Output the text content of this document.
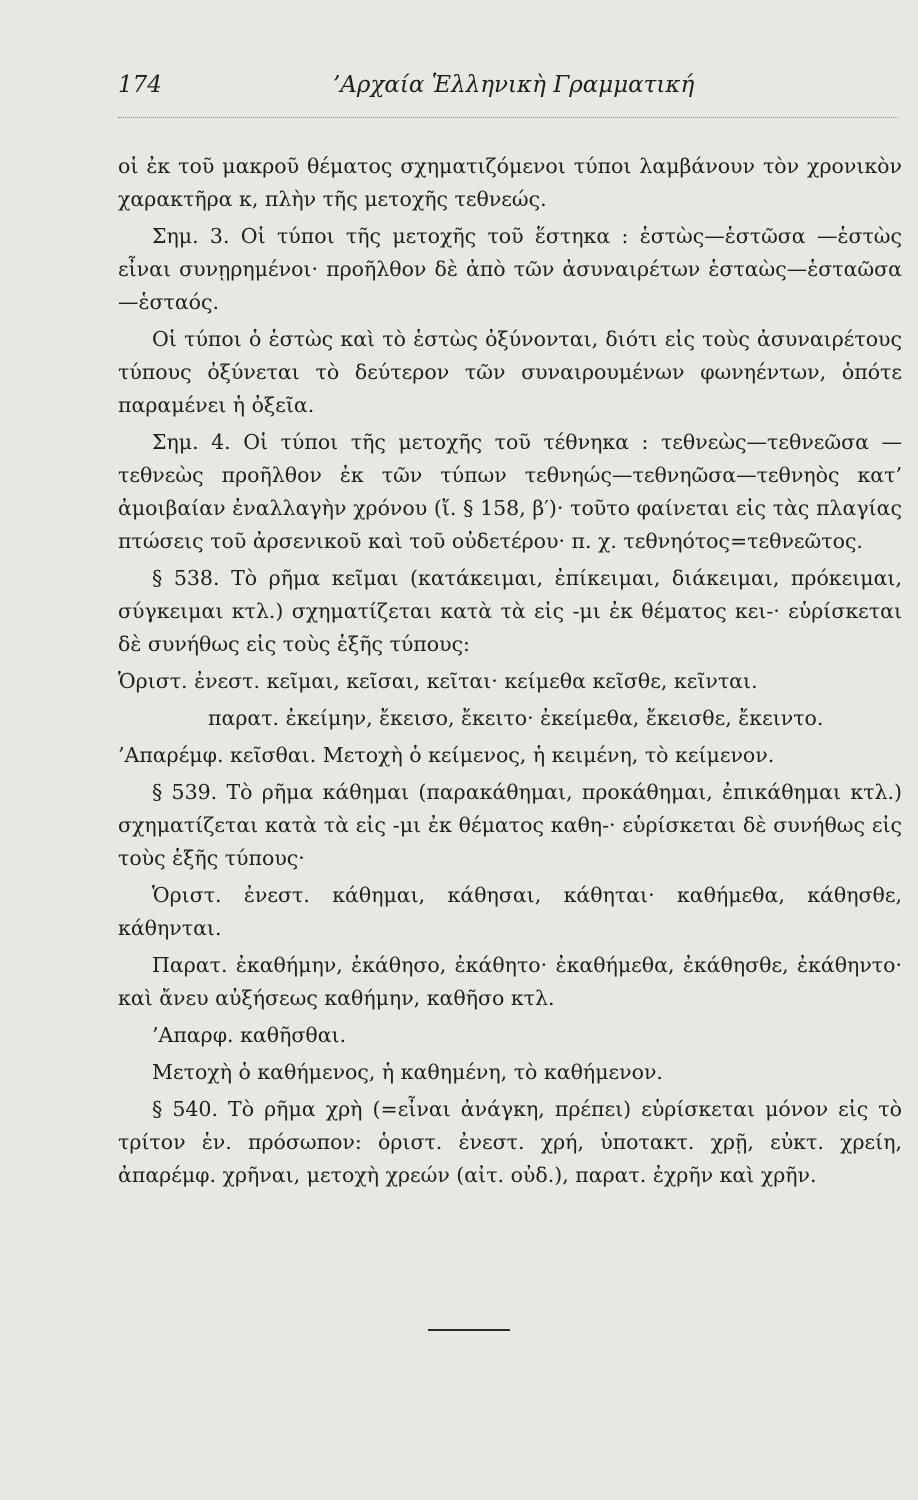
174	’Αρχαία Ἑλληνικὴ Γραμματική

οἱ ἐκ τοῦ μακροῦ θέματος σχηματιζόμενοι τύποι λαμβάνουν τὸν χρονικὸν χαρακτῆρα κ, πλὴν τῆς μετοχῆς τεθνεώς.

Σημ. 3. Οἱ τύποι τῆς μετοχῆς τοῦ ἕστηκα : ἑστὼς—ἑστῶσα —ἑστὼς εἶναι συνῃρημένοι· προῆλθον δὲ ἀπὸ τῶν ἀσυναιρέτων ἑσταὼς—ἑσταῶσα—ἑσταός.

Οἱ τύποι ὁ ἑστὼς καὶ τὸ ἑστὼς ὀξύνονται, διότι εἰς τοὺς ἀσυναιρέτους τύπους ὀξύνεται τὸ δεύτερον τῶν συναιρουμένων φωνηέντων, ὁπότε παραμένει ἡ ὀξεῖα.

Σημ. 4. Οἱ τύποι τῆς μετοχῆς τοῦ τέθνηκα : τεθνεὼς—τεθνεῶσα —τεθνεὼς προῆλθον ἐκ τῶν τύπων τεθνηώς—τεθνηῶσα—τεθνηὸς κατ’ ἀμοιβαίαν ἐναλλαγὴν χρόνου (ἴ. § 158, β′)· τοῦτο φαίνεται εἰς τὰς πλαγίας πτώσεις τοῦ ἀρσενικοῦ καὶ τοῦ οὐδετέρου· π. χ. τεθνηότος=τεθνεῶτος.

§ 538. Τὸ ρῆμα κεῖμαι (κατάκειμαι, ἐπίκειμαι, διάκειμαι, πρόκειμαι, σύγκειμαι κτλ.) σχηματίζεται κατὰ τὰ εἰς -μι ἐκ θέματος κει-· εὑρίσκεται δὲ συνήθως εἰς τοὺς ἑξῆς τύπους:

Ὁριστ. ἐνεστ. κεῖμαι, κεῖσαι, κεῖται· κείμεθα κεῖσθε, κεῖνται.

παρατ. ἐκείμην, ἔκεισο, ἔκειτο· ἐκείμεθα, ἔκεισθε, ἔκειντο.

’Απαρέμφ. κεῖσθαι. Μετοχὴ ὁ κείμενος, ἡ κειμένη, τὸ κείμενον.

§ 539. Τὸ ρῆμα κάθημαι (παρακάθημαι, προκάθημαι, ἐπικάθημαι κτλ.) σχηματίζεται κατὰ τὰ εἰς -μι ἐκ θέματος καθη-· εὑρίσκεται δὲ συνήθως εἰς τοὺς ἑξῆς τύπους·

Ὁριστ. ἐνεστ. κάθημαι, κάθησαι, κάθηται· καθήμεθα, κάθησθε, κάθηνται.

Παρατ. ἐκαθήμην, ἐκάθησο, ἐκάθητο· ἐκαθήμεθα, ἐκάθησθε, ἐκάθηντο· καὶ ἄνευ αὐξήσεως καθήμην, καθῆσο κτλ.

’Απαρφ. καθῆσθαι.

Μετοχὴ ὁ καθήμενος, ἡ καθημένη, τὸ καθήμενον.

§ 540. Τὸ ρῆμα χρὴ (=εἶναι ἀνάγκη, πρέπει) εὑρίσκεται μόνον εἰς τὸ τρίτον ἑν. πρόσωπον: ὁριστ. ἐνεστ. χρή, ὑποτακτ. χρῇ, εὐκτ. χρείη, ἀπαρέμφ. χρῆναι, μετοχὴ χρεών (αἰτ. οὐδ.), παρατ. ἐχρῆν καὶ χρῆν.
